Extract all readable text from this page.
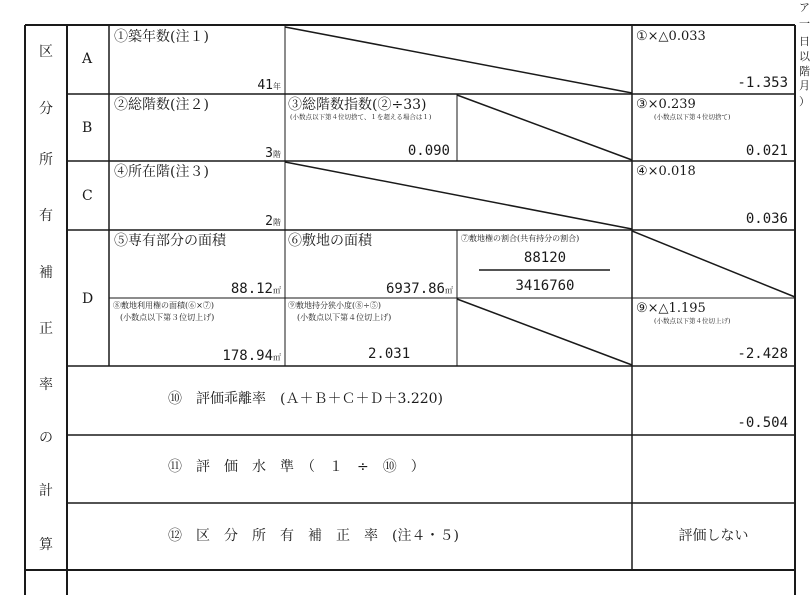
区
分
所
有
補
正
率
の
計
算
ア
一
日
以
階
月
）
A
B
C
D
①築年数(注１)
41年
①×△0.033
-1.353
②総階数(注２)
3階
③総階数指数(②÷33)
(小数点以下第４位切捨て、１を超える場合は１)
0.090
③×0.239
(小数点以下第４位切捨て)
0.021
④所在階(注３)
2階
④×0.018
0.036
⑤専有部分の面積
88.12㎡
⑥敷地の面積
6937.86㎡
⑦敷地権の割合(共有持分の割合)
88120
3416760
⑧敷地利用権の面積(⑥×⑦)
(小数点以下第３位切上げ)
178.94㎡
⑨敷地持分狭小度(⑧÷⑤)
(小数点以下第４位切上げ)
2.031
⑨×△1.195
(小数点以下第４位切上げ)
-2.428
⑩　評価乖離率　(Ａ＋Ｂ＋Ｃ＋Ｄ＋3.220)
-0.504
⑪　評　価　水　準　（　１　÷　⑩　）
⑫　区　分　所　有　補　正　率　(注４・５)	評価しない
